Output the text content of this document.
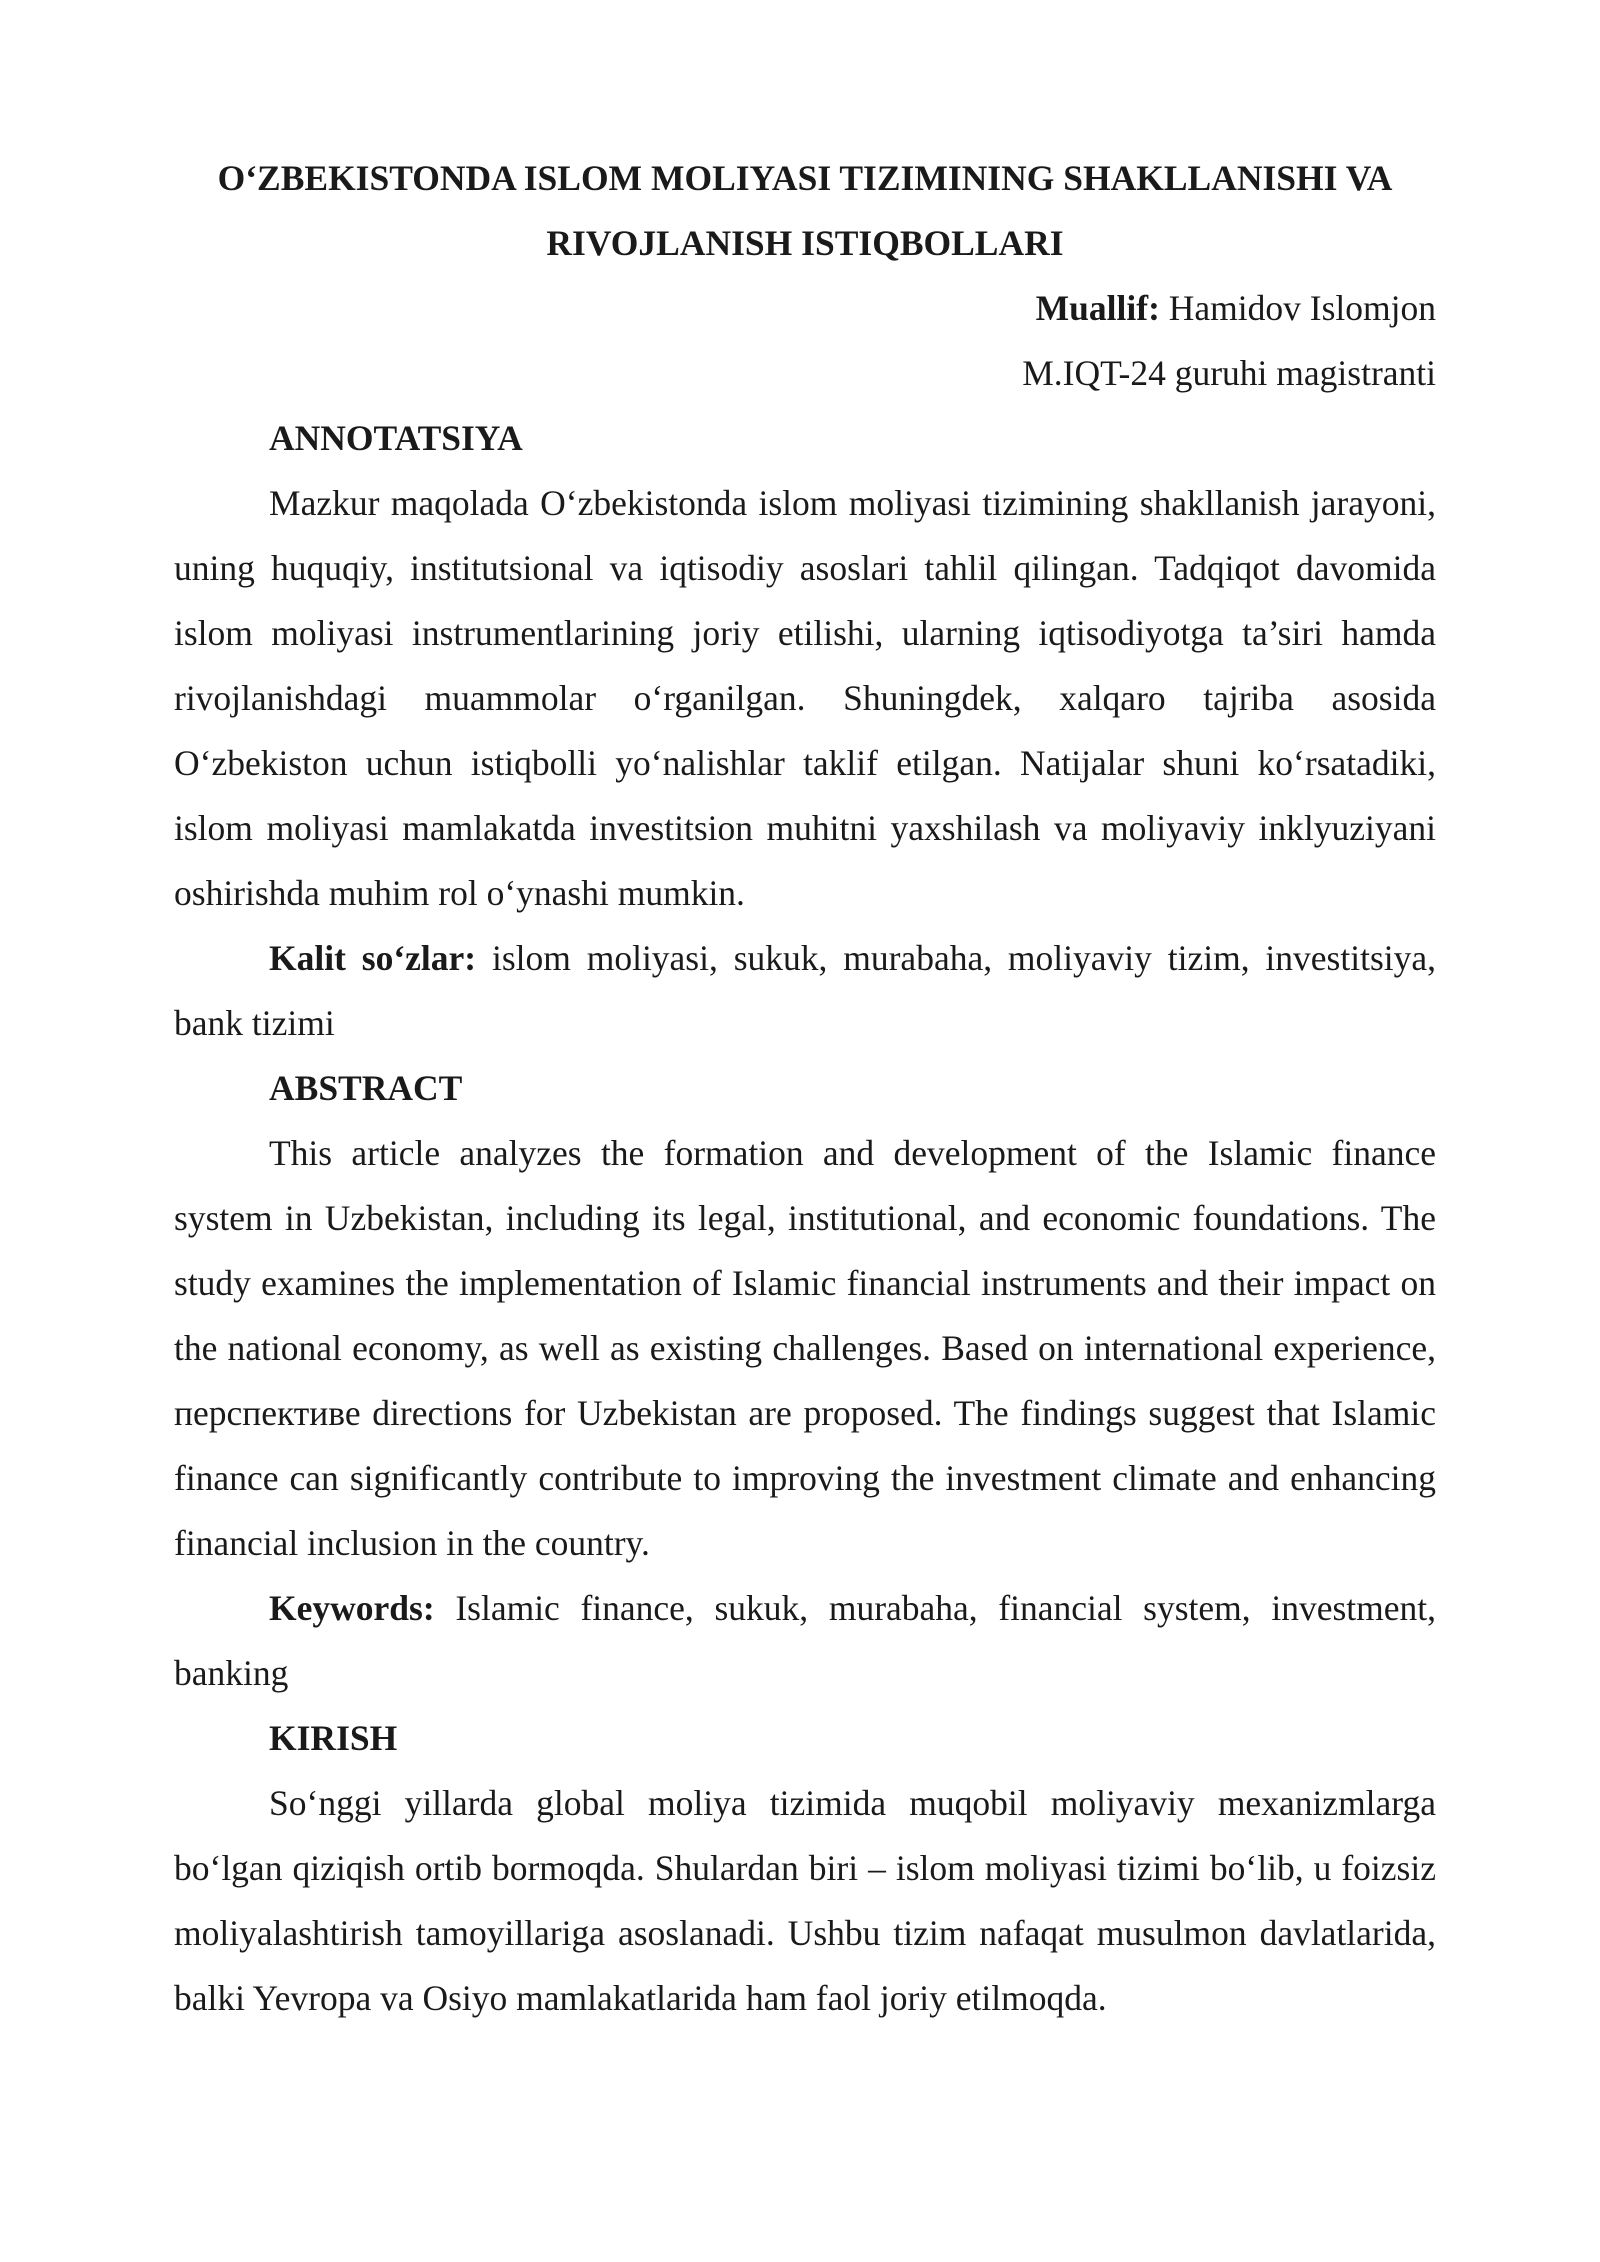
O‘ZBEKISTONDA ISLOM MOLIYASI TIZIMINING SHAKLLANISHI VA

RIVOJLANISH ISTIQBOLLARI

Muallif: Hamidov Islomjon

M.IQT-24 guruhi magistranti

ANNOTATSIYA

Mazkur maqolada O‘zbekistonda islom moliyasi tizimining shakllanish jarayoni, uning huquqiy, institutsional va iqtisodiy asoslari tahlil qilingan. Tadqiqot davomida islom moliyasi instrumentlarining joriy etilishi, ularning iqtisodiyotga ta’siri hamda rivojlanishdagi muammolar o‘rganilgan. Shuningdek, xalqaro tajriba asosida O‘zbekiston uchun istiqbolli yo‘nalishlar taklif etilgan. Natijalar shuni ko‘rsatadiki, islom moliyasi mamlakatda investitsion muhitni yaxshilash va moliyaviy inklyuziyani oshirishda muhim rol o‘ynashi mumkin.

Kalit so‘zlar: islom moliyasi, sukuk, murabaha, moliyaviy tizim, investitsiya, bank tizimi

ABSTRACT

This article analyzes the formation and development of the Islamic finance system in Uzbekistan, including its legal, institutional, and economic foundations. The study examines the implementation of Islamic financial instruments and their impact on the national economy, as well as existing challenges. Based on international experience, перспективе directions for Uzbekistan are proposed. The findings suggest that Islamic finance can significantly contribute to improving the investment climate and enhancing financial inclusion in the country.

Keywords: Islamic finance, sukuk, murabaha, financial system, investment, banking

KIRISH

So‘nggi yillarda global moliya tizimida muqobil moliyaviy mexanizmlarga bo‘lgan qiziqish ortib bormoqda. Shulardan biri – islom moliyasi tizimi bo‘lib, u foizsiz moliyalashtirish tamoyillariga asoslanadi. Ushbu tizim nafaqat musulmon davlatlarida, balki Yevropa va Osiyo mamlakatlarida ham faol joriy etilmoqda.
